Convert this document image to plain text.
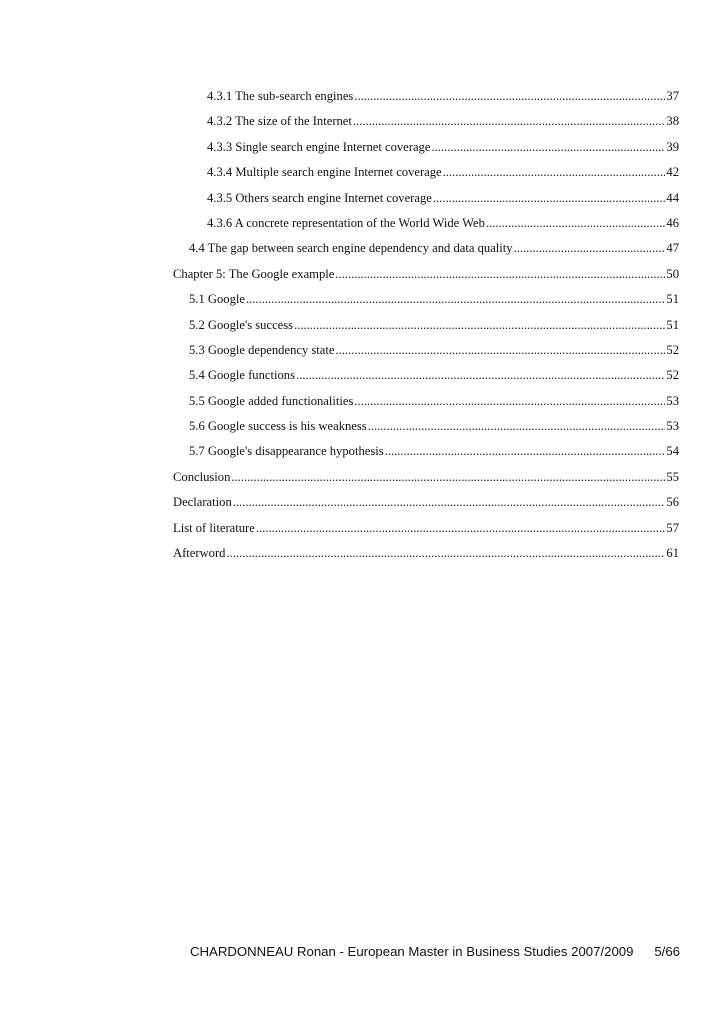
4.3.1 The sub-search engines .....	37
4.3.2 The size of the Internet .....	38
4.3.3 Single search engine Internet coverage .....	39
4.3.4 Multiple search engine Internet coverage .....	42
4.3.5 Others search engine Internet coverage .....	44
4.3.6 A concrete representation of the World Wide Web .....	46
4.4 The gap between search engine dependency and data quality .....	47
Chapter 5: The Google example .....	50
5.1 Google .....	51
5.2 Google's success .....	51
5.3 Google dependency state .....	52
5.4 Google functions .....	52
5.5 Google added functionalities .....	53
5.6 Google success is his weakness .....	53
5.7 Google's disappearance hypothesis .....	54
Conclusion .....	55
Declaration .....	56
List of literature .....	57
Afterword .....	61
CHARDONNEAU Ronan - European Master in Business Studies 2007/2009 5/66
